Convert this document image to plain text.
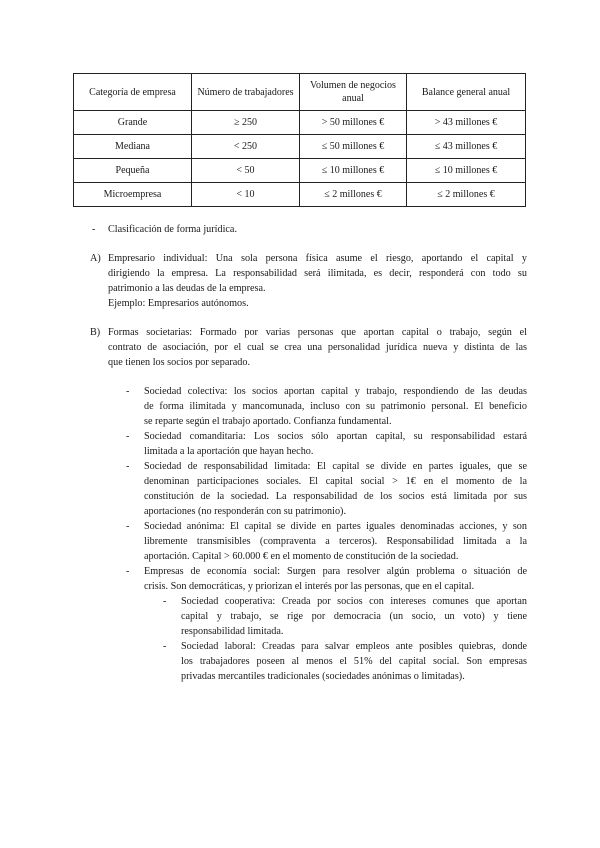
Categoría de empresa	Número de trabajadores	Volumen de negocios anual	Balance general anual
Grande	≥ 250	> 50 millones €	> 43 millones €
Mediana	< 250	≤ 50 millones €	≤ 43 millones €
Pequeña	< 50	≤ 10 millones €	≤ 10 millones €
Microempresa	< 10	≤ 2 millones €	≤ 2 millones €
- Clasificación de forma jurídica.
A) Empresario individual: Una sola persona física asume el riesgo, aportando el capital y
dirigiendo la empresa. La responsabilidad será ilimitada, es decir, responderá con todo su
patrimonio a las deudas de la empresa.
Ejemplo: Empresarios autónomos.
B) Formas societarias: Formado por varias personas que aportan capital o trabajo, según el
contrato de asociación, por el cual se crea una personalidad jurídica nueva y distinta de las
que tienen los socios por separado.
- Sociedad colectiva: los socios aportan capital y trabajo, respondiendo de las deudas
de forma ilimitada y mancomunada, incluso con su patrimonio personal. El beneficio
se reparte según el trabajo aportado. Confianza fundamental.
- Sociedad comanditaria: Los socios sólo aportan capital, su responsabilidad estará
limitada a la aportación que hayan hecho.
- Sociedad de responsabilidad limitada: El capital se divide en partes iguales, que se
denominan participaciones sociales. El capital social > 1€ en el momento de la
constitución de la sociedad. La responsabilidad de los socios está limitada por sus
aportaciones (no responderán con su patrimonio).
- Sociedad anónima: El capital se divide en partes iguales denominadas acciones, y son
libremente transmisibles (compraventa a terceros). Responsabilidad limitada a la
aportación. Capital > 60.000 € en el momento de constitución de la sociedad.
- Empresas de economía social: Surgen para resolver algún problema o situación de
crisis. Son democráticas, y priorizan el interés por las personas, que en el capital.
- Sociedad cooperativa: Creada por socios con intereses comunes que aportan
capital y trabajo, se rige por democracia (un socio, un voto) y tiene
responsabilidad limitada.
- Sociedad laboral: Creadas para salvar empleos ante posibles quiebras, donde
los trabajadores poseen al menos el 51% del capital social. Son empresas
privadas mercantiles tradicionales (sociedades anónimas o limitadas).
